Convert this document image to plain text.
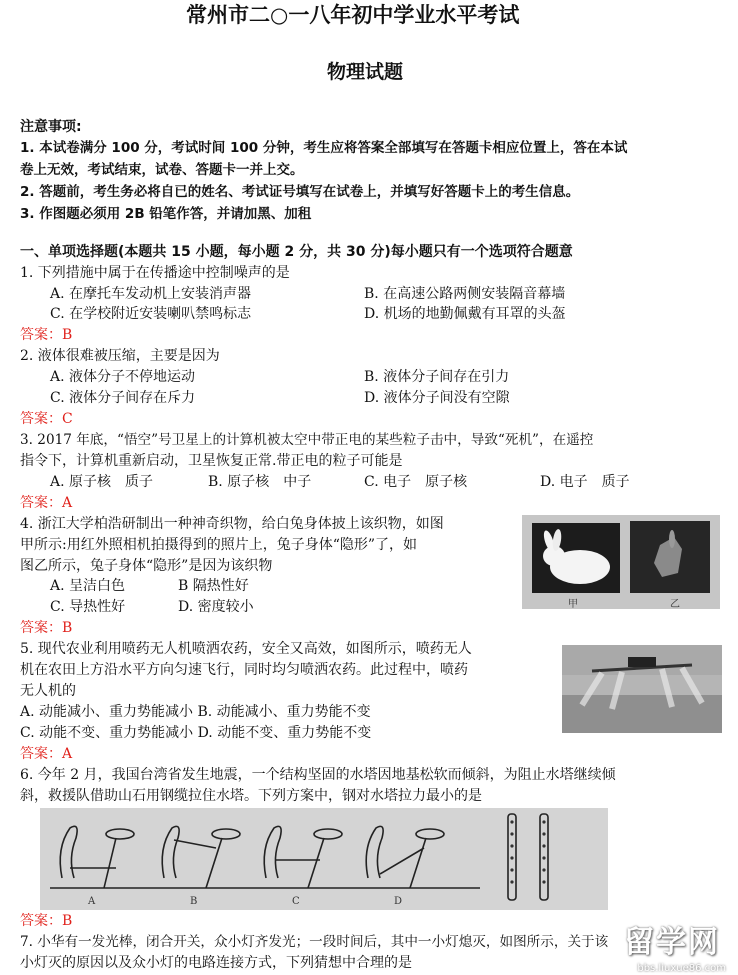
常州市二○一八年初中学业水平考试
物理试题
注意事项:
1. 本试卷满分 100 分，考试时间 100 分钟，考生应将答案全部填写在答题卡相应位置上，答在本试
卷上无效，考试结束，试卷、答题卡一并上交。
2. 答题前，考生务必将自已的姓名、考试证号填写在试卷上，并填写好答题卡上的考生信息。
3. 作图题必须用 2B 铅笔作答，并请加黑、加租
一、单项选择题(本题共 15 小题，每小题 2 分，共 30 分)每小题只有一个选项符合题意
1. 下列措施中属于在传播途中控制噪声的是
A. 在摩托车发动机上安装消声器	B. 在高速公路两侧安装隔音幕墙
C. 在学校附近安装喇叭禁鸣标志	D. 机场的地勤佩戴有耳罩的头盔
答案：B
2. 液体很难被压缩，主要是因为
A. 液体分子不停地运动	B. 液体分子间存在引力
C. 液体分子间存在斥力	D. 液体分子间没有空隙
答案：C
3. 2017 年底，“悟空”号卫星上的计算机被太空中带正电的某些粒子击中，导致“死机”，在遥控
指令下，计算机重新启动，卫星恢复正常.带正电的粒子可能是
A. 原子核　质子	B. 原子核　中子	C. 电子　原子核	D. 电子　质子
答案：A
4. 浙江大学柏浩研制出一种神奇织物，给白兔身体披上该织物，如图
甲所示:用红外照相机拍摄得到的照片上，兔子身体“隐形”了，如
图乙所示，兔子身体“隐形”是因为该织物
A. 呈洁白色	B 隔热性好
C. 导热性好	D. 密度较小
答案：B
甲	乙
5. 现代农业利用喷药无人机喷洒农药，安全又高效，如图所示，喷药无人
机在农田上方沿水平方向匀速飞行，同时均匀喷洒农药。此过程中，喷药
无人机的
A. 动能减小、重力势能减小 B. 动能减小、重力势能不变
C. 动能不变、重力势能减小 D. 动能不变、重力势能不变
答案：A
6. 今年 2 月，我国台湾省发生地震，一个结构坚固的水塔因地基松软而倾斜，为阻止水塔继续倾
斜，救援队借助山石用钢缆拉住水塔。下列方案中，钢对水塔拉力最小的是
A	B	C	D
答案：B
7. 小华有一发光棒，闭合开关，众小灯齐发光；一段时间后，其中一小灯熄灭，如图所示，关于该
小灯灭的原因以及众小灯的电路连接方式，下列猜想中合理的是
留学网
bbs.liuxue86.com
